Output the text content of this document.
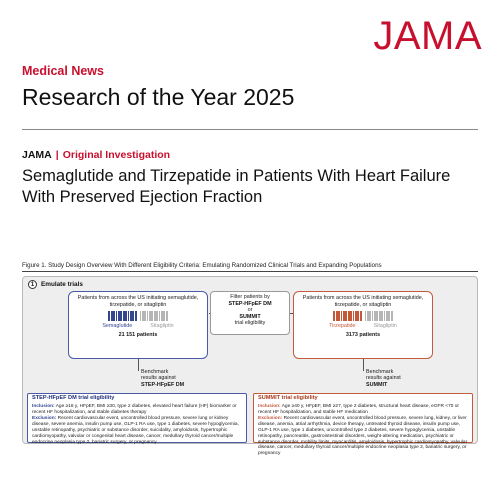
JAMA
Medical News
Research of the Year 2025
JAMA | Original Investigation
Semaglutide and Tirzepatide in Patients With Heart Failure With Preserved Ejection Fraction
Figure 1. Study Design Overview With Different Eligibility Criteria: Emulating Randomized Clinical Trials and Expanding Populations
1	Emulate trials
Patients from across the US initiating semaglutide, tirzepatide, or sitagliptin
Semaglutide	Sitagliptin
21 151 patients
Filter patients by
STEP-HFpEF DM
or
SUMMIT
trial eligibility
Patients from across the US initiating semaglutide, tirzepatide, or sitagliptin
Tirzepatide	Sitagliptin
3173 patients
Benchmark
results against
STEP-HFpEF DM
Benchmark
results against
SUMMIT
STEP-HFpEF DM trial eligibility

Inclusion: Age ≥18 y, HFpEF, BMI ≥30, type 2 diabetes, elevated heart failure (HF) biomarker or recent HF hospitalization, and stable diabetes therapy

Exclusion: Recent cardiovascular event, uncontrolled blood pressure, severe lung or kidney disease, severe anemia, insulin pump use, GLP-1 RA use, type 1 diabetes, severe hypoglycemia, unstable retinopathy, psychiatric or substance disorder, suicidality, amyloidosis, hypertrophic cardiomyopathy, valvular or congenital heart disease, cancer, medullary thyroid cancer/multiple endocrine neoplasia type 2, bariatric surgery, or pregnancy

SUMMIT trial eligibility

Inclusion: Age ≥40 y, HFpEF, BMI ≥27, type 2 diabetes, structural heart disease, eGFR <70 or recent HF hospitalization, and stable HF medication

Exclusion: Recent cardiovascular event, uncontrolled blood pressure, severe lung, kidney, or liver disease, anemia, atrial arrhythmia, device therapy, untreated thyroid disease, insulin pump use, GLP-1 RA use, type 1 diabetes, uncontrolled type 2 diabetes, severe hypoglycemia, unstable retinopathy, pancreatitis, gastrointestinal disorders, weight-altering medication, psychiatric or substance disorder, mobility limits, myocarditis, amyloidosis, hypertrophic cardiomyopathy, valvular disease, cancer, medullary thyroid cancer/multiple endocrine neoplasia type 2, bariatric surgery, or pregnancy
